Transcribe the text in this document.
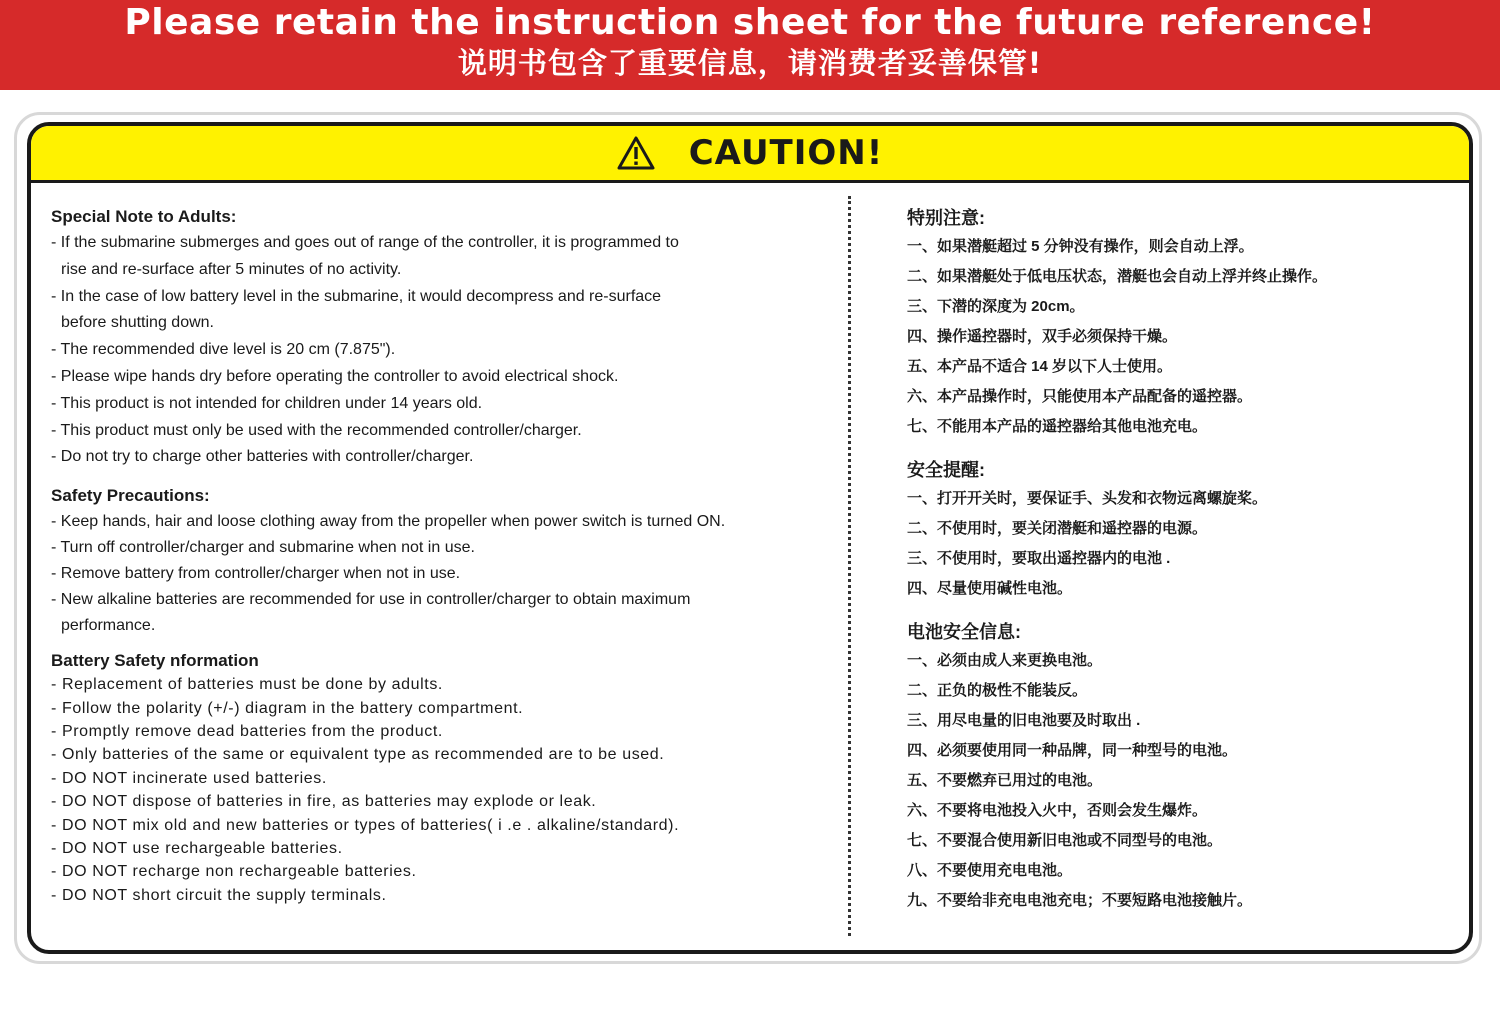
Please retain the instruction sheet for the future reference!
说明书包含了重要信息，请消费者妥善保管!
CAUTION!
Special Note to Adults:
- If the submarine submerges and goes out of range of the controller, it is programmed to
rise and re-surface after 5 minutes of no activity.
- In the case of low battery level in the submarine, it would decompress and re-surface
before shutting down.
- The recommended dive level is 20 cm (7.875").
- Please wipe hands dry before operating the controller to avoid electrical shock.
- This product is not intended for children under 14 years old.
- This product must only be used with the recommended controller/charger.
- Do not try to charge other batteries with controller/charger.
Safety Precautions:
- Keep hands, hair and loose clothing away from the propeller when power switch is turned ON.
- Turn off controller/charger and submarine when not in use.
- Remove battery from controller/charger when not in use.
- New alkaline batteries are recommended for use in controller/charger to obtain maximum
performance.
Battery Safety nformation
- Replacement of batteries must be done by adults.
- Follow the polarity (+/-) diagram in the battery compartment.
- Promptly remove dead batteries from the product.
- Only batteries of the same or equivalent type as recommended are to be used.
- DO NOT incinerate used batteries.
- DO NOT dispose of batteries in fire, as batteries may explode or leak.
- DO NOT mix old and new batteries or types of batteries( i .e . alkaline/standard).
- DO NOT use rechargeable batteries.
- DO NOT recharge non rechargeable batteries.
- DO NOT short circuit the supply terminals.
特别注意:
一、如果潜艇超过 5 分钟没有操作，则会自动上浮。
二、如果潜艇处于低电压状态，潜艇也会自动上浮并终止操作。
三、下潜的深度为 20cm。
四、操作遥控器时，双手必须保持干燥。
五、本产品不适合 14 岁以下人士使用。
六、本产品操作时，只能使用本产品配备的遥控器。
七、不能用本产品的遥控器给其他电池充电。
安全提醒:
一、打开开关时，要保证手、头发和衣物远离螺旋桨。
二、不使用时，要关闭潜艇和遥控器的电源。
三、不使用时，要取出遥控器内的电池 .
四、尽量使用碱性电池。
电池安全信息:
一、必须由成人来更换电池。
二、正负的极性不能装反。
三、用尽电量的旧电池要及时取出 .
四、必须要使用同一种品牌，同一种型号的电池。
五、不要燃弃已用过的电池。
六、不要将电池投入火中，否则会发生爆炸。
七、不要混合使用新旧电池或不同型号的电池。
八、不要使用充电电池。
九、不要给非充电电池充电；不要短路电池接触片。
